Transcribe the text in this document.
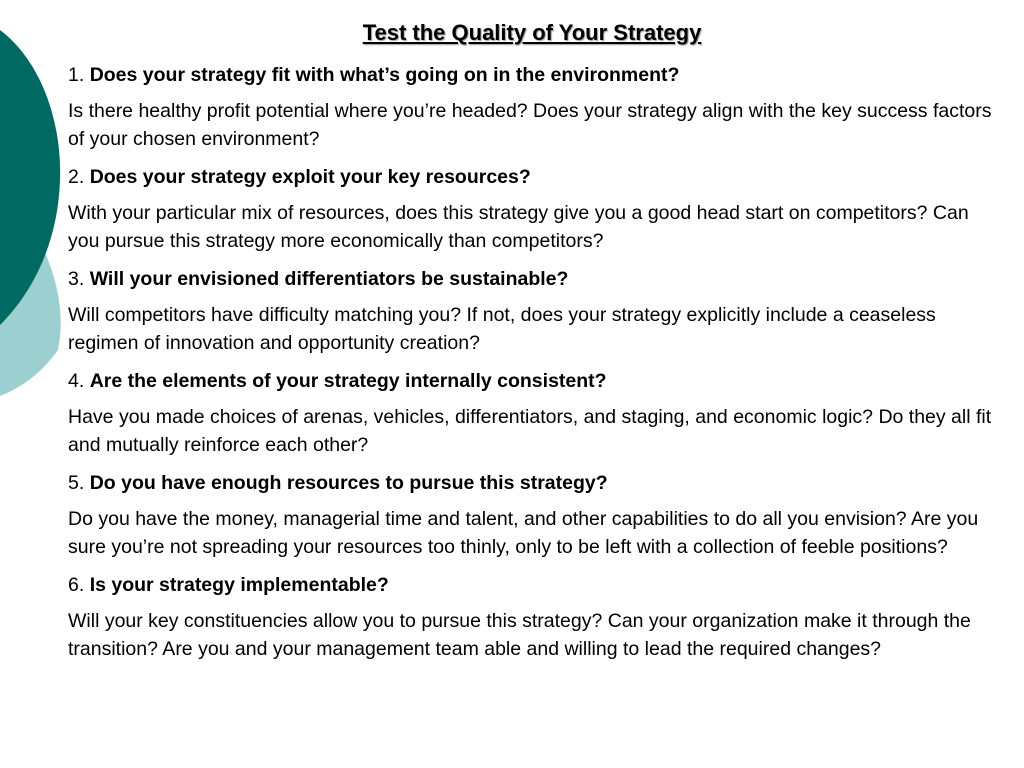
Test the Quality of Your Strategy

1. Does your strategy fit with what’s going on in the environment?

Is there healthy profit potential where you’re headed? Does your strategy align with the key success factors of your chosen environment?

2. Does your strategy exploit your key resources?

With your particular mix of resources, does this strategy give you a good head start on competitors? Can you pursue this strategy more economically than competitors?

3. Will your envisioned differentiators be sustainable?

Will competitors have difficulty matching you? If not, does your strategy explicitly include a ceaseless regimen of innovation and opportunity creation?

4. Are the elements of your strategy internally consistent?

Have you made choices of arenas, vehicles, differentiators, and staging, and economic logic? Do they all fit and mutually reinforce each other?

5. Do you have enough resources to pursue this strategy?

Do you have the money, managerial time and talent, and other capabilities to do all you envision? Are you sure you’re not spreading your resources too thinly, only to be left with a collection of feeble positions?

6. Is your strategy implementable?

Will your key constituencies allow you to pursue this strategy? Can your organization make it through the transition? Are you and your management team able and willing to lead the required changes?
